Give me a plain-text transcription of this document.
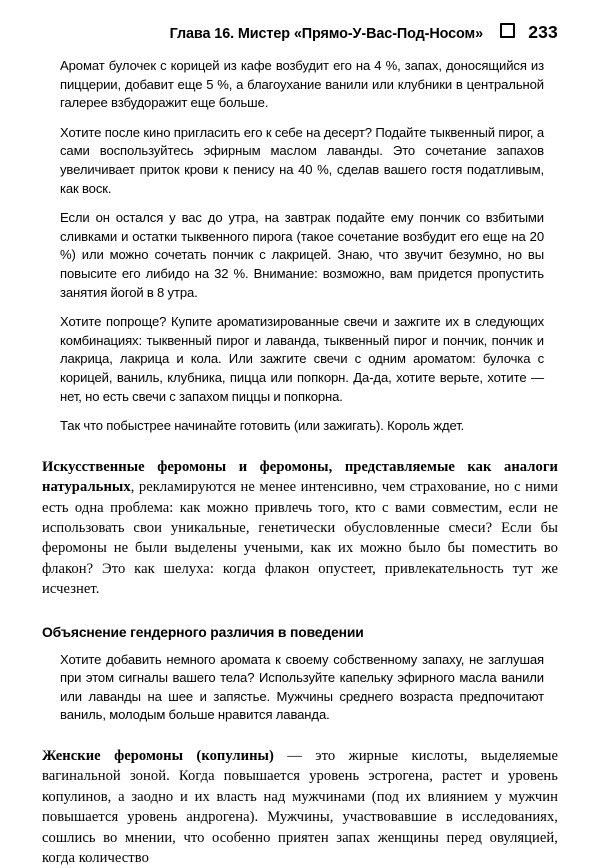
Глава 16. Мистер «Прямо-У-Вас-Под-Носом»	233

Аромат булочек с корицей из кафе возбудит его на 4 %, запах, доносящийся из пиццерии, добавит еще 5 %, а благоухание ванили или клубники в центральной галерее взбудоражит еще больше.

Хотите после кино пригласить его к себе на десерт? Подайте тыквенный пирог, а сами воспользуйтесь эфирным маслом лаванды. Это сочетание запахов увеличивает приток крови к пенису на 40 %, сделав вашего гостя податливым, как воск.

Если он остался у вас до утра, на завтрак подайте ему пончик со взбитыми сливками и остатки тыквенного пирога (такое сочетание возбудит его еще на 20 %) или можно сочетать пончик с лакрицей. Знаю, что звучит безумно, но вы повысите его либидо на 32 %. Внимание: возможно, вам придется пропустить занятия йогой в 8 утра.

Хотите попроще? Купите ароматизированные свечи и зажгите их в следующих комбинациях: тыквенный пирог и лаванда, тыквенный пирог и пончик, пончик и лакрица, лакрица и кола. Или зажгите свечи с одним ароматом: булочка с корицей, ваниль, клубника, пицца или попкорн. Да-да, хотите верьте, хотите — нет, но есть свечи с запахом пиццы и попкорна.

Так что побыстрее начинайте готовить (или зажигать). Король ждет.

Искусственные феромоны и феромоны, представляемые как аналоги натуральных, рекламируются не менее интенсивно, чем страхование, но с ними есть одна проблема: как можно привлечь того, кто с вами совместим, если не использовать свои уникальные, генетически обусловленные смеси? Если бы феромоны не были выделены учеными, как их можно было бы поместить во флакон? Это как шелуха: когда флакон опустеет, привлекательность тут же исчезнет.

Объяснение гендерного различия в поведении

Хотите добавить немного аромата к своему собственному запаху, не заглушая при этом сигналы вашего тела? Используйте капельку эфирного масла ванили или лаванды на шее и запястье. Мужчины среднего возраста предпочитают ваниль, молодым больше нравится лаванда.

Женские феромоны (копулины) — это жирные кислоты, выделяемые вагинальной зоной. Когда повышается уровень эстрогена, растет и уровень копулинов, а заодно и их власть над мужчинами (под их влиянием у мужчин повышается уровень андрогена). Мужчины, участвовавшие в исследованиях, сошлись во мнении, что особенно приятен запах женщины перед овуляцией, когда количество
